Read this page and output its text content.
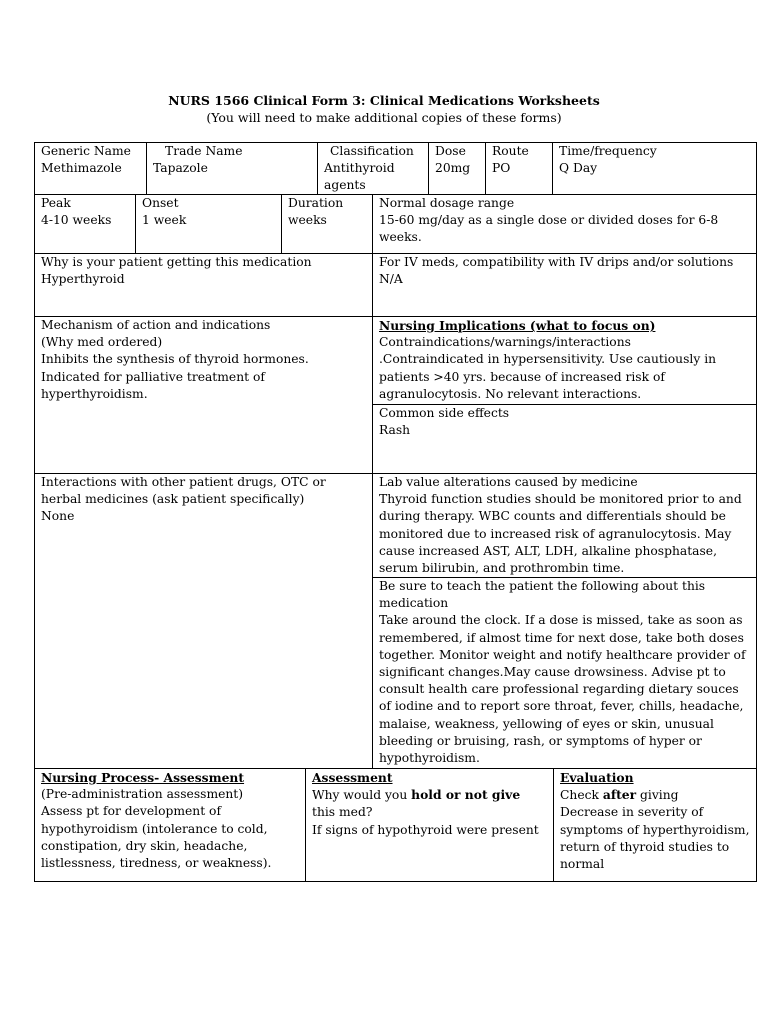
NURS 1566 Clinical Form 3: Clinical Medications Worksheets
(You will need to make additional copies of these forms)
Generic Name
Methimazole
Trade Name
Tapazole
Classification
Antithyroid agents
Dose
20mg
Route
PO
Time/frequency
Q Day
Peak
4-10 weeks
Onset
1 week
Duration
weeks
Normal dosage range
15-60 mg/day as a single dose or divided doses for 6-8 weeks.
Why is your patient getting this medication
Hyperthyroid
For IV meds, compatibility with IV drips and/or solutions
N/A
Mechanism of action and indications
(Why med ordered)
Inhibits the synthesis of thyroid hormones. Indicated for palliative treatment of hyperthyroidism.
Nursing Implications (what to focus on)
Contraindications/warnings/interactions
.Contraindicated in hypersensitivity. Use cautiously in patients >40 yrs. because of increased risk of agranulocytosis. No relevant interactions.
Common side effects
Rash
Interactions with other patient drugs, OTC or herbal medicines (ask patient specifically)
None
Lab value alterations caused by medicine
Thyroid function studies should be monitored prior to and during therapy. WBC counts and differentials should be monitored due to increased risk of agranulocytosis. May cause increased AST, ALT, LDH, alkaline phosphatase, serum bilirubin, and prothrombin time.
Be sure to teach the patient the following about this medication
Take around the clock. If a dose is missed, take as soon as remembered, if almost time for next dose, take both doses together. Monitor weight and notify healthcare provider of significant changes.May cause drowsiness. Advise pt to consult health care professional regarding dietary souces of iodine and to report sore throat, fever, chills, headache, malaise, weakness, yellowing of eyes or skin, unusual bleeding or bruising, rash, or symptoms of hyper or hypothyroidism.
Nursing Process- Assessment
(Pre-administration assessment)
Assess pt for development of hypothyroidism (intolerance to cold, constipation, dry skin, headache, listlessness, tiredness, or weakness).
Assessment
Why would you hold or not give this med?
If signs of hypothyroid were present
Evaluation
Check after giving
Decrease in severity of symptoms of hyperthyroidism, return of thyroid studies to normal
